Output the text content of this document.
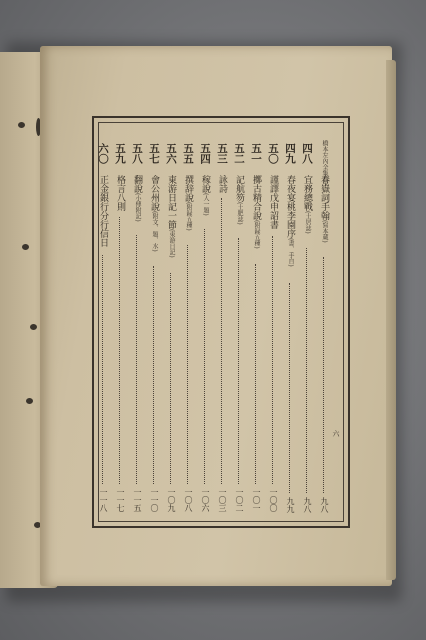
橋本左內全集卷下
春嶽詞手翰(寫本蔵)
九八
四八
宜務總戰(土居誌)
九八
四九
春夜宴桃李園序(書、手自)
九九
五〇
謹譯戊申詔書
一〇〇
五一
擲古精合說(附録五種)
一〇一
五二
記航笏(土肥誌)
一〇二
五三
詠詩
一〇三
五四
稼說(人一題)
一〇六
五五
撰辞說(附録五種)
一〇八
五六
東游日記一節(東游日記)
一〇九
五七
會公州說(附文、題、水)
一一〇
五八
翻說(小傳附記)
一一五
五九
格言八則
一一七
六〇
正金銀行分行信日
一一八
六
